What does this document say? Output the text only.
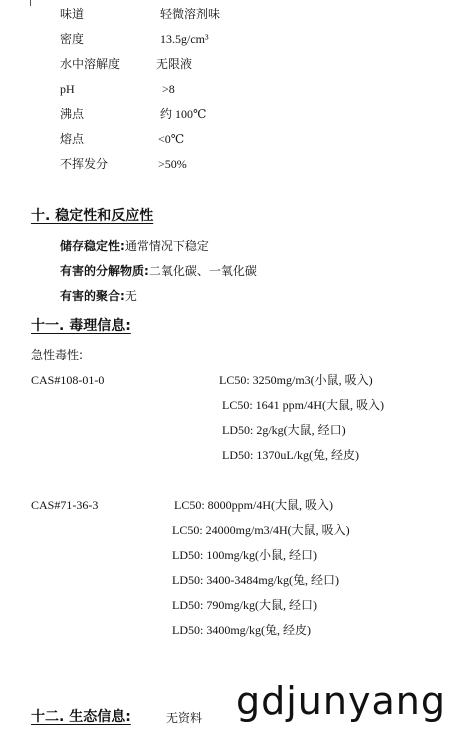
味道	轻微溶剂味
密度	13.5g/cm³
水中溶解度	无限液
pH	>8
沸点	约 100℃
熔点	<0℃
不挥发分	>50%
十. 稳定性和反应性
储存稳定性:通常情况下稳定
有害的分解物质:二氧化碳、一氧化碳
有害的聚合:无
十一. 毒理信息:
急性毒性:
CAS#108-01-0	LC50: 3250mg/m3(小鼠, 吸入)
LC50: 1641 ppm/4H(大鼠, 吸入)
LD50: 2g/kg(大鼠, 经口)
LD50: 1370uL/kg(兔, 经皮)
CAS#71-36-3	LC50: 8000ppm/4H(大鼠, 吸入)
LC50: 24000mg/m3/4H(大鼠, 吸入)
LD50: 100mg/kg(小鼠, 经口)
LD50: 3400-3484mg/kg(兔, 经口)
LD50: 790mg/kg(大鼠, 经口)
LD50: 3400mg/kg(兔, 经皮)
十二. 生态信息:	无资料 gdjunyang
